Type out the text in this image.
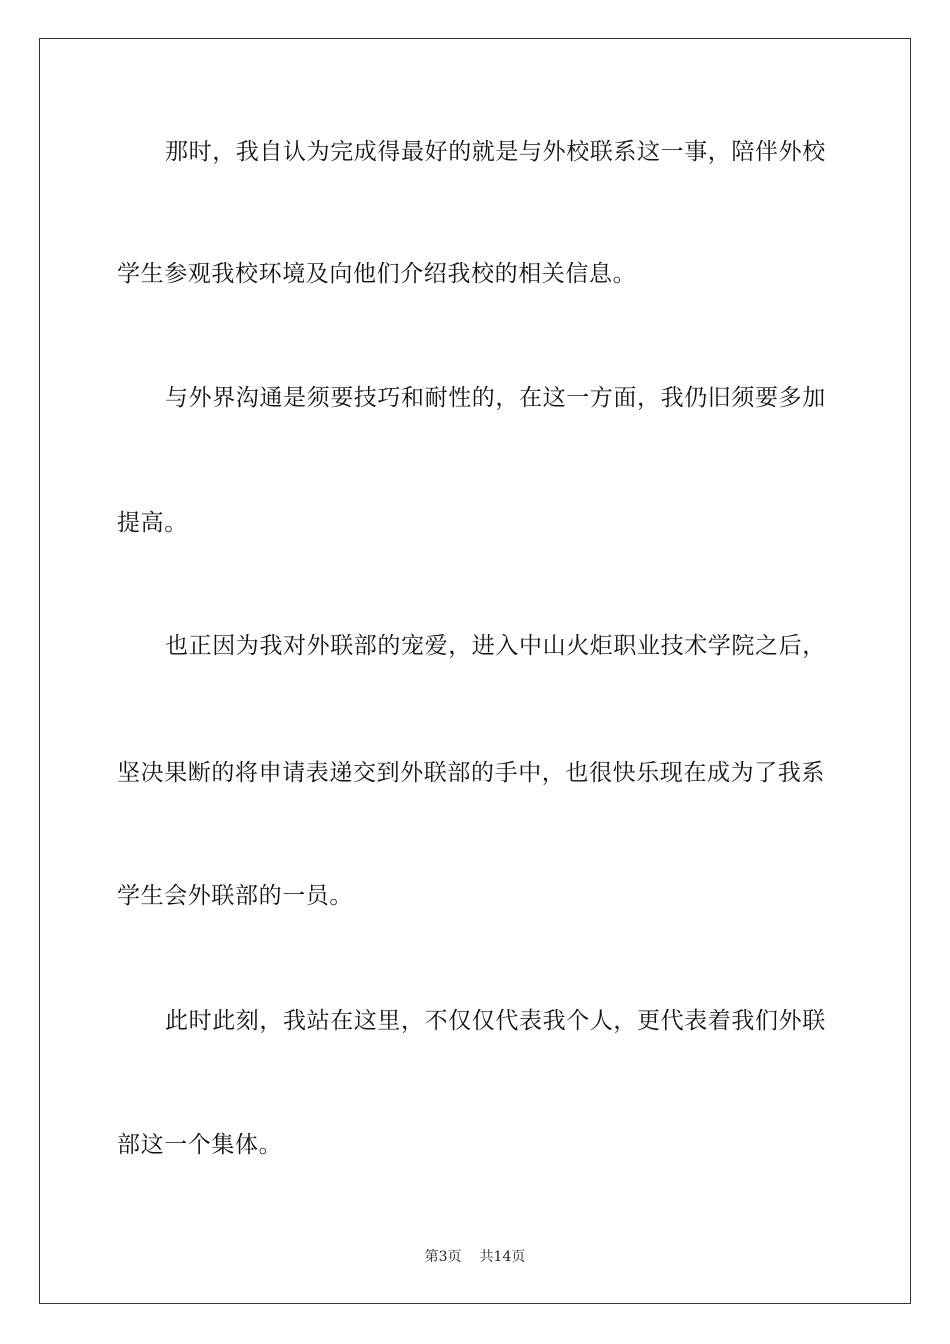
那时，我自认为完成得最好的就是与外校联系这一事，陪伴外校
学生参观我校环境及向他们介绍我校的相关信息。
与外界沟通是须要技巧和耐性的，在这一方面，我仍旧须要多加
提高。
也正因为我对外联部的宠爱，进入中山火炬职业技术学院之后，
坚决果断的将申请表递交到外联部的手中，也很快乐现在成为了我系
学生会外联部的一员。
此时此刻，我站在这里，不仅仅代表我个人，更代表着我们外联
部这一个集体。
第3页 共14页
